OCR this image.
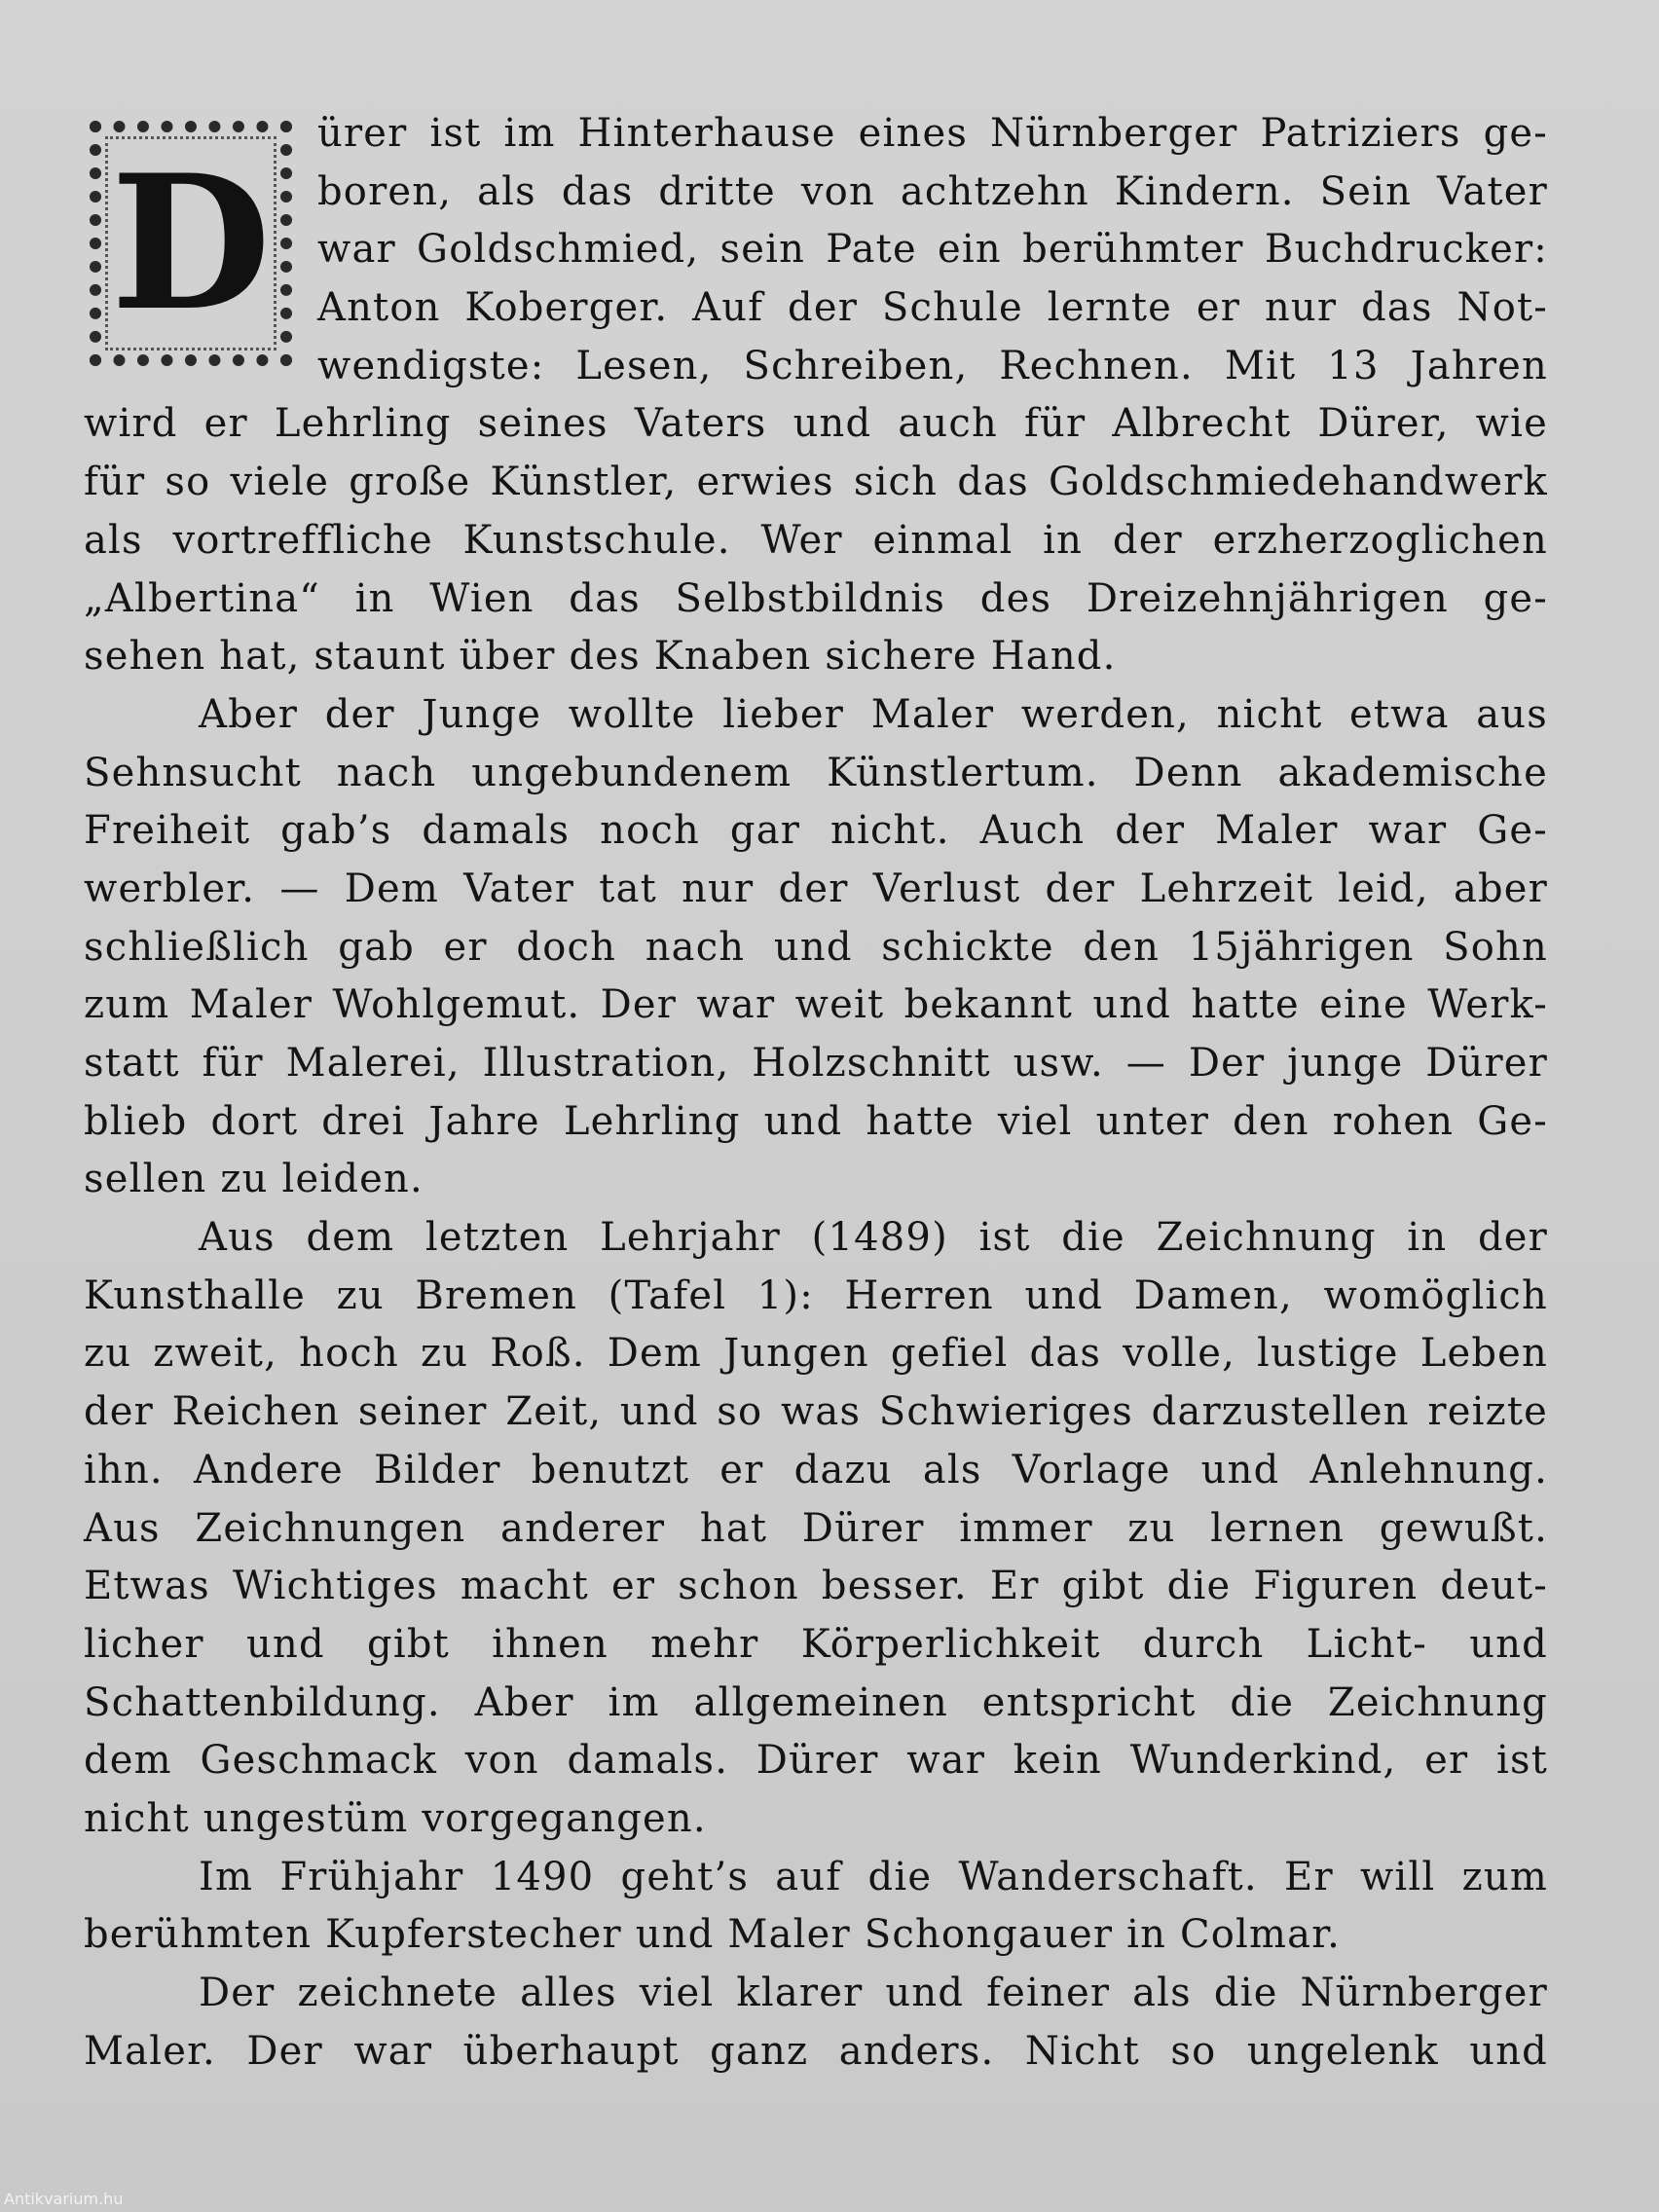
D
ürer ist im Hinterhause eines Nürnberger Patriziers ge-
boren, als das dritte von achtzehn Kindern. Sein Vater
war Goldschmied, sein Pate ein berühmter Buchdrucker:
Anton Koberger. Auf der Schule lernte er nur das Not-
wendigste: Lesen, Schreiben, Rechnen. Mit 13 Jahren
wird er Lehrling seines Vaters und auch für Albrecht Dürer, wie
für so viele große Künstler, erwies sich das Goldschmiedehandwerk
als vortreffliche Kunstschule. Wer einmal in der erzherzoglichen
„Albertina“ in Wien das Selbstbildnis des Dreizehnjährigen ge-
sehen hat, staunt über des Knaben sichere Hand.
Aber der Junge wollte lieber Maler werden, nicht etwa aus
Sehnsucht nach ungebundenem Künstlertum. Denn akademische
Freiheit gab’s damals noch gar nicht. Auch der Maler war Ge-
werbler. — Dem Vater tat nur der Verlust der Lehrzeit leid, aber
schließlich gab er doch nach und schickte den 15jährigen Sohn
zum Maler Wohlgemut. Der war weit bekannt und hatte eine Werk-
statt für Malerei, Illustration, Holzschnitt usw. — Der junge Dürer
blieb dort drei Jahre Lehrling und hatte viel unter den rohen Ge-
sellen zu leiden.
Aus dem letzten Lehrjahr (1489) ist die Zeichnung in der
Kunsthalle zu Bremen (Tafel 1): Herren und Damen, womöglich
zu zweit, hoch zu Roß. Dem Jungen gefiel das volle, lustige Leben
der Reichen seiner Zeit, und so was Schwieriges darzustellen reizte
ihn. Andere Bilder benutzt er dazu als Vorlage und Anlehnung.
Aus Zeichnungen anderer hat Dürer immer zu lernen gewußt.
Etwas Wichtiges macht er schon besser. Er gibt die Figuren deut-
licher und gibt ihnen mehr Körperlichkeit durch Licht- und
Schattenbildung. Aber im allgemeinen entspricht die Zeichnung
dem Geschmack von damals. Dürer war kein Wunderkind, er ist
nicht ungestüm vorgegangen.
Im Frühjahr 1490 geht’s auf die Wanderschaft. Er will zum
berühmten Kupferstecher und Maler Schongauer in Colmar.
Der zeichnete alles viel klarer und feiner als die Nürnberger
Maler. Der war überhaupt ganz anders. Nicht so ungelenk und
Antikvarium.hu
